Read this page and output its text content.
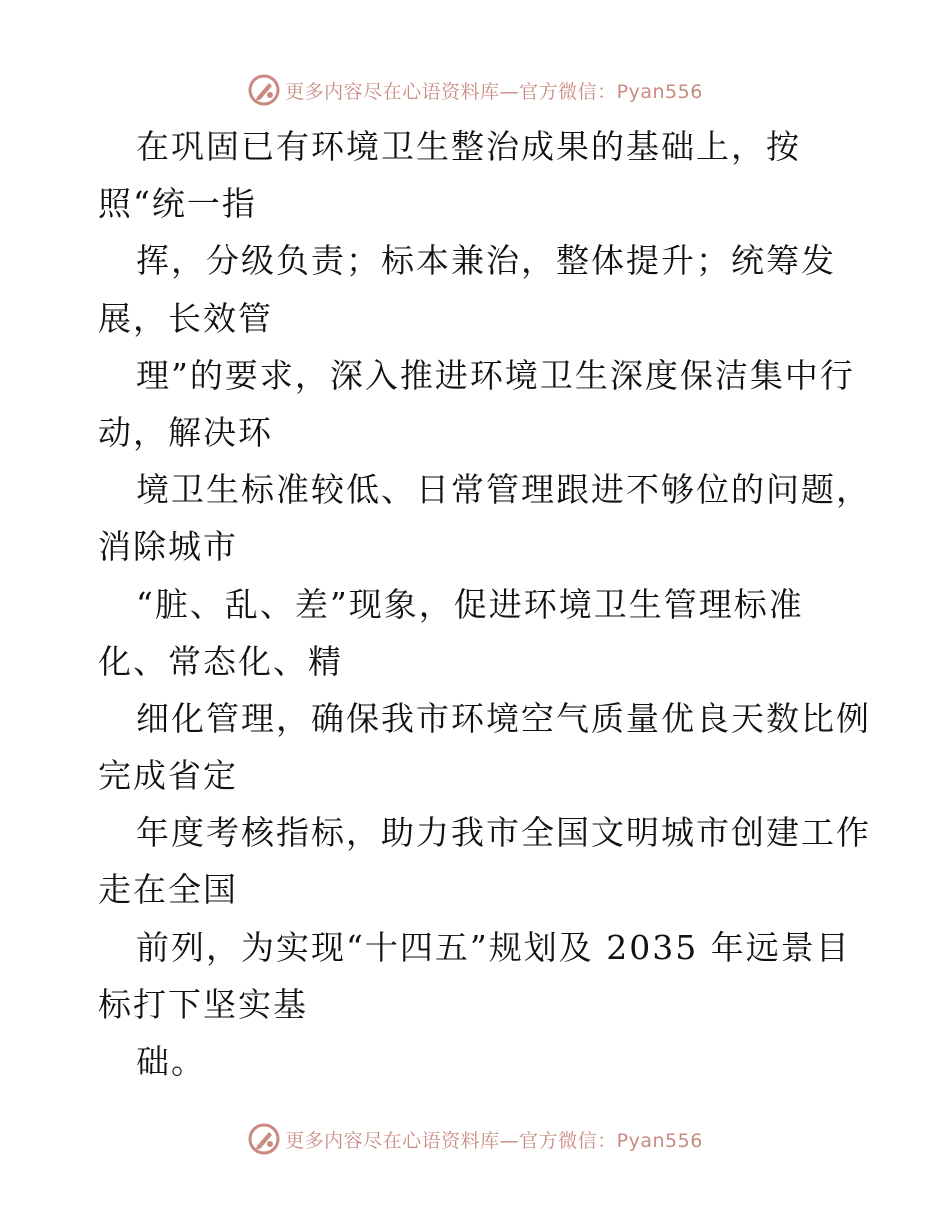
更多内容尽在心语资料库—官方微信：Pyan556
在巩固已有环境卫生整治成果的基础上，按
照“统一指
挥，分级负责；标本兼治，整体提升；统筹发
展，长效管
理”的要求，深入推进环境卫生深度保洁集中行
动，解决环
境卫生标准较低、日常管理跟进不够位的问题，
消除城市
“脏、乱、差”现象，促进环境卫生管理标准
化、常态化、精
细化管理，确保我市环境空气质量优良天数比例
完成省定
年度考核指标，助力我市全国文明城市创建工作
走在全国
前列，为实现“十四五”规划及 2035 年远景目
标打下坚实基
础。
更多内容尽在心语资料库—官方微信：Pyan556
